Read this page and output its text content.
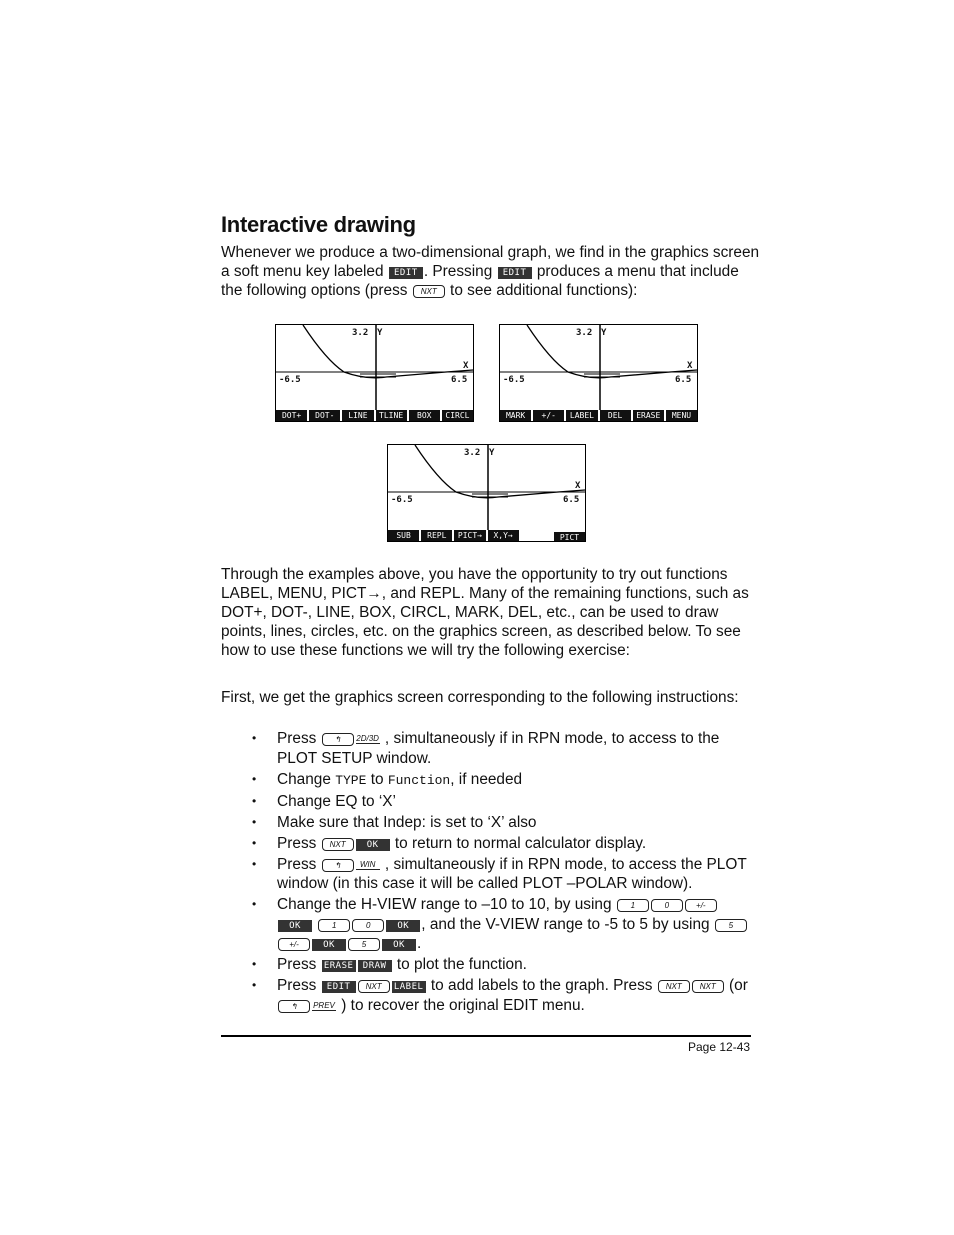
Interactive drawing
Whenever we produce a two-dimensional graph, we find in the graphics screen a soft menu key labeled EDIT . Pressing EDIT produces a menu that include the following options (press NXT to see additional functions):
3.2 Y
X
-6.5	6.5
DOT+	DOT-	LINE	TLINE	BOX	CIRCL
3.2 Y
X
-6.5	6.5
MARK	+/-	LABEL	DEL	ERASE	MENU
3.2 Y
X
-6.5	6.5
SUB	REPL	PICT→	X,Y→	PICT
Through the examples above, you have the opportunity to try out functions LABEL, MENU, PICT→, and REPL. Many of the remaining functions, such as DOT+, DOT-, LINE, BOX, CIRCL, MARK, DEL, etc., can be used to draw points, lines, circles, etc. on the graphics screen, as described below. To see how to use these functions we will try the following exercise:
First, we get the graphics screen corresponding to the following instructions:
• Press ↰ 2D/3D , simultaneously if in RPN mode, to access to the PLOT SETUP window.
• Change TYPE to Function, if needed
• Change EQ to ‘X’
• Make sure that Indep: is set to ‘X’ also
• Press NXT OK to return to normal calculator display.
• Press ↰ WIN , simultaneously if in RPN mode, to access the PLOT window (in this case it will be called PLOT –POLAR window).
• Change the H-VIEW range to –10 to 10, by using 1	0	+/-OK	1	0	OK , and the V-VIEW range to -5 to 5 by using 5+/-	OK	5	OK .
• Press ERASE DRAW to plot the function.
• Press EDIT NXT LABEL to add labels to the graph. Press NXT NXT (or ↰ PREV ) to recover the original EDIT menu.
Page 12-43
